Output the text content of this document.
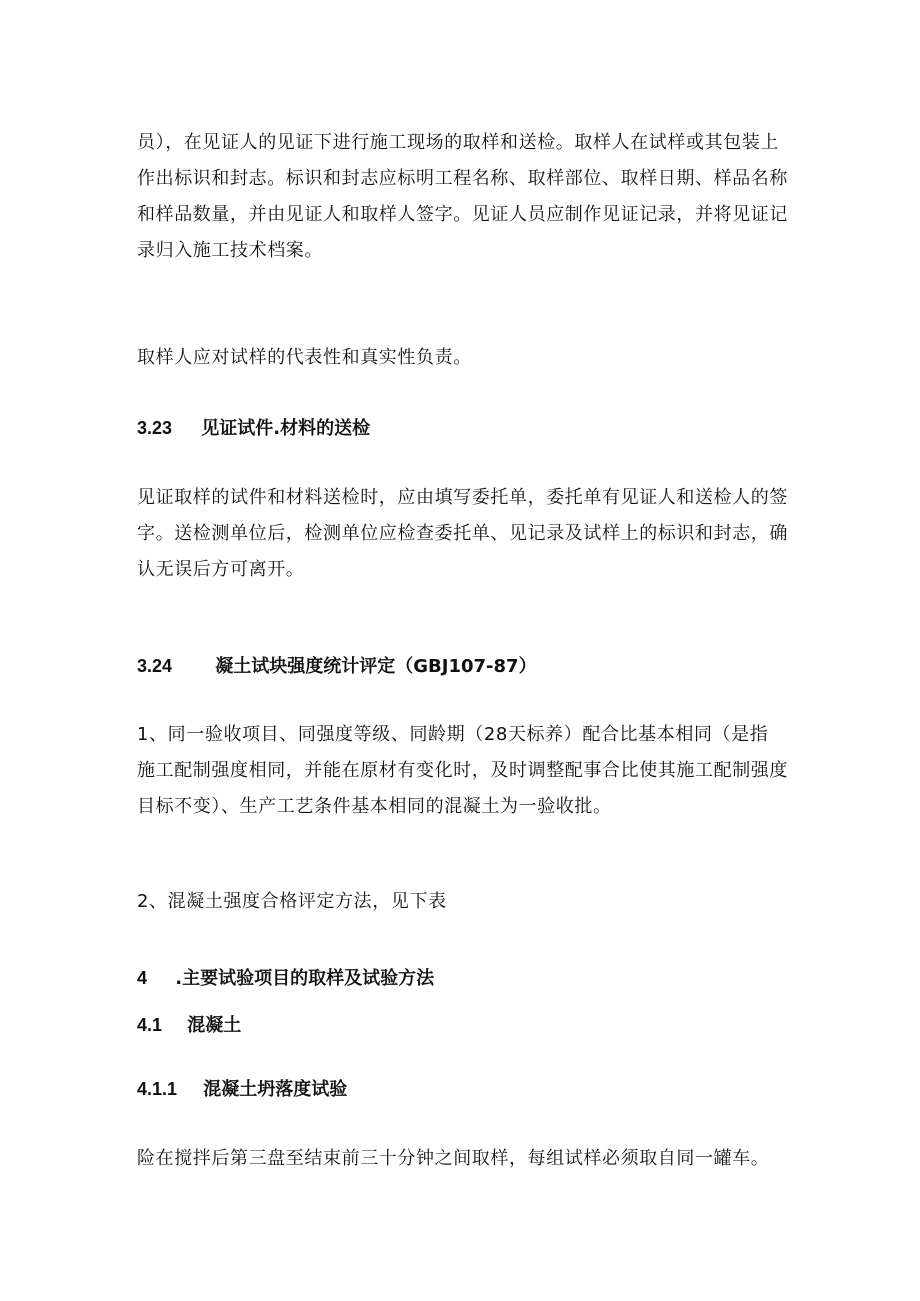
员），在见证人的见证下进行施工现场的取样和送检。取样人在试样或其包装上
作出标识和封志。标识和封志应标明工程名称、取样部位、取样日期、样品名称
和样品数量，并由见证人和取样人签字。见证人员应制作见证记录，并将见证记
录归入施工技术档案。

取样人应对试样的代表性和真实性负责。

3.23 见证试件.材料的送检

见证取样的试件和材料送检时，应由填写委托单，委托单有见证人和送检人的签
字。送检测单位后，检测单位应检查委托单、见记录及试样上的标识和封志，确
认无误后方可离开。

3.24 凝土试块强度统计评定（GBJ107-87）

1、同一验收项目、同强度等级、同龄期（28天标养）配合比基本相同（是指
施工配制强度相同，并能在原材有变化时，及时调整配事合比使其施工配制强度
目标不变）、生产工艺条件基本相同的混凝土为一验收批。

2、混凝土强度合格评定方法，见下表

4 .主要试验项目的取样及试验方法
4.1 混凝土
4.1.1 混凝土坍落度试验

险在搅拌后第三盘至结束前三十分钟之间取样，每组试样必须取自同一罐车。
